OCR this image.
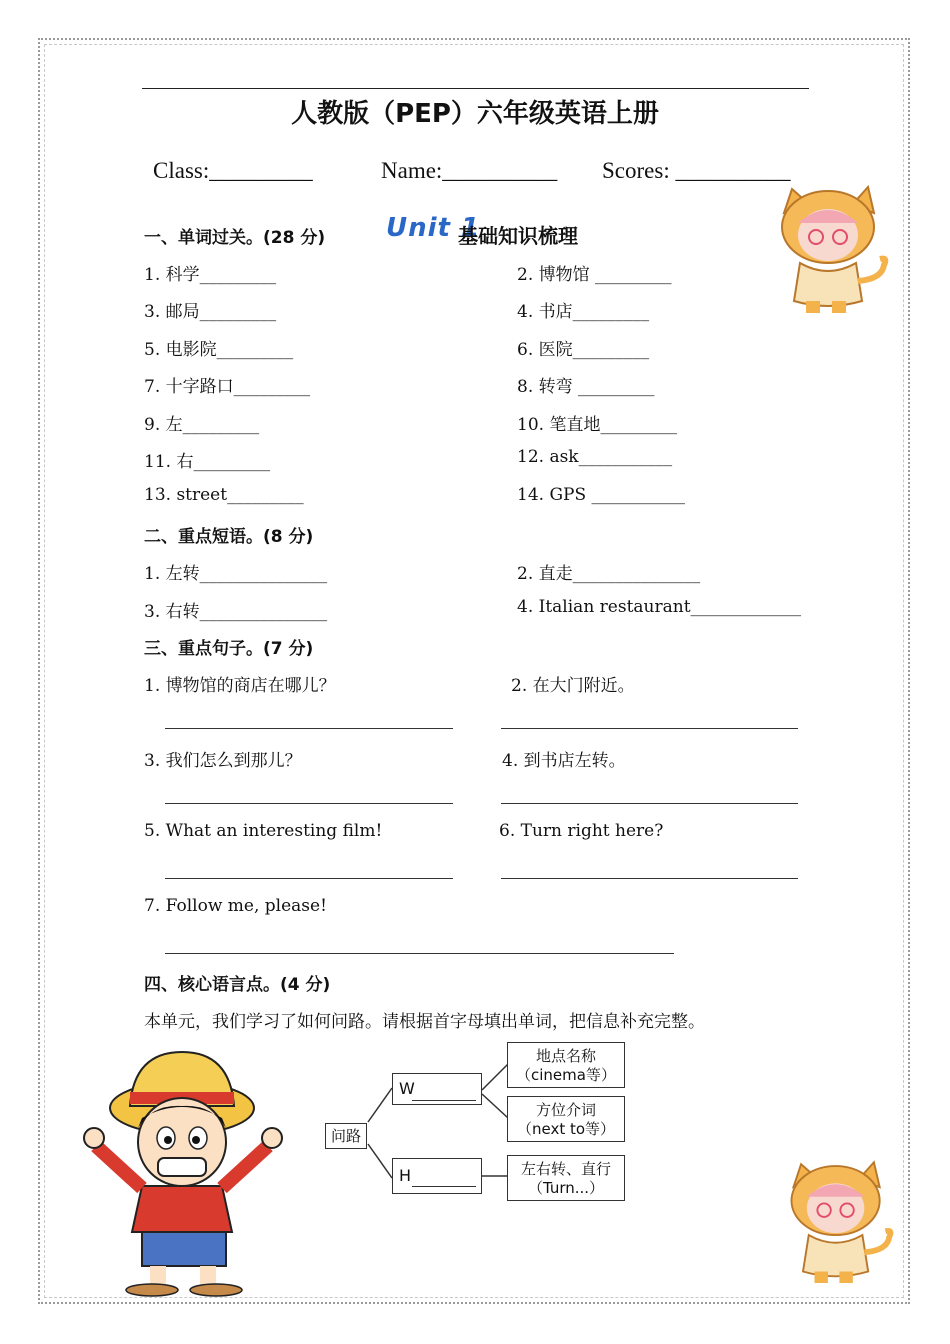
人教版（PEP）六年级英语上册
Class:_________	Name:__________ Scores: __________
一、单词过关。(28 分) Unit 1
基础知识梳理
1. 科学_________	2. 博物馆 _________
3. 邮局_________	4. 书店_________
5. 电影院_________	6. 医院_________
7. 十字路口_________	8. 转弯 _________
9. 左_________	10. 笔直地_________
11. 右_________	12. ask___________
13. street_________	14. GPS ___________
二、重点短语。(8 分)
1. 左转_______________	2. 直走_______________
3. 右转_______________	4. Italian restaurant_____________
三、重点句子。(7 分)
1. 博物馆的商店在哪儿？	2. 在大门附近。
3. 我们怎么到那儿？	4. 到书店左转。
5. What an interesting film!	6. Turn right here?
7. Follow me, please!
四、核心语言点。(4 分)
本单元，我们学习了如何问路。请根据首字母填出单词，把信息补充完整。
问路
W
H
地点名称
（cinema等）
方位介词
（next to等）
左右转、直行
（Turn...）
